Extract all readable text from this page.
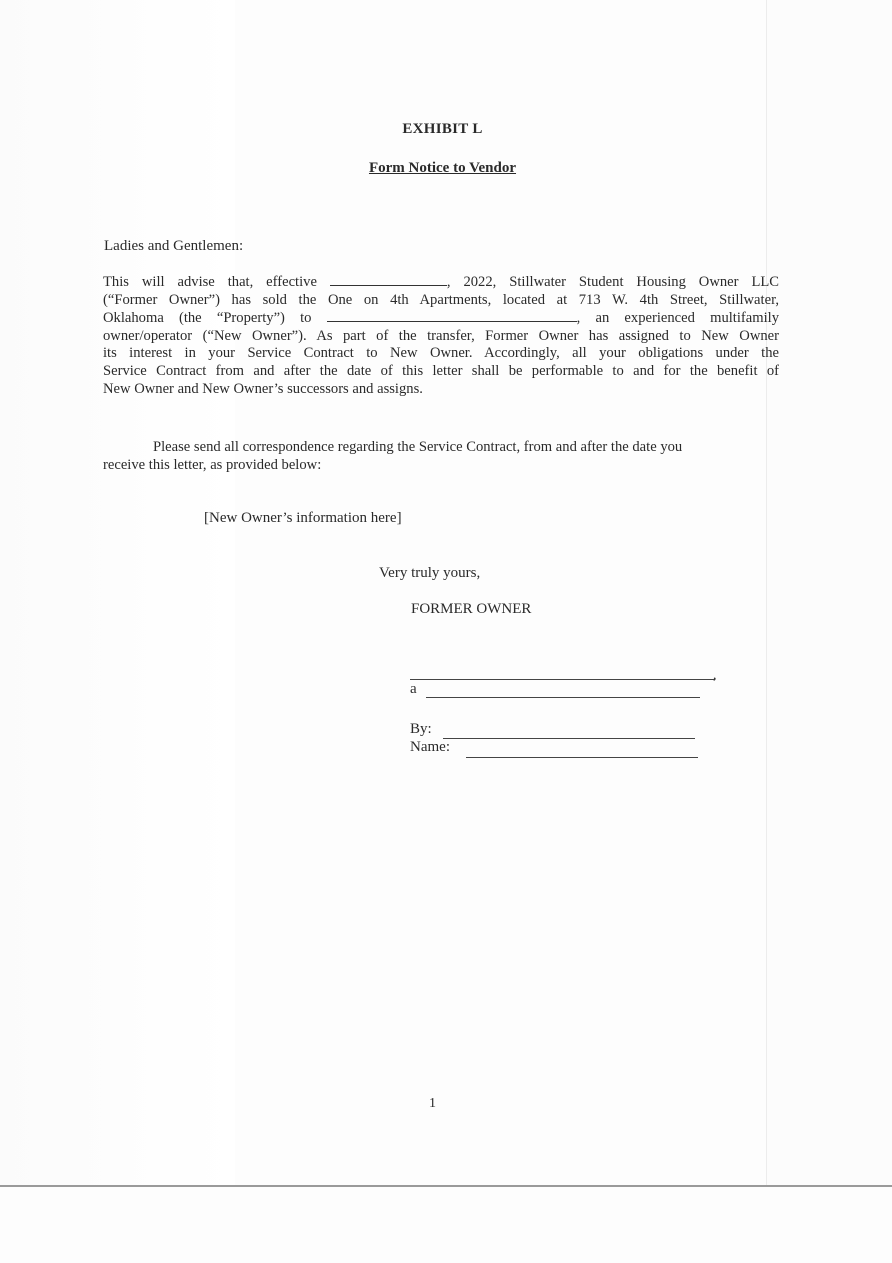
EXHIBIT L
Form Notice to Vendor
Ladies and Gentlemen:
This will advise that, effective	, 2022, Stillwater Student Housing Owner LLC
(“Former Owner”) has sold the One on 4th Apartments, located at 713 W. 4th Street, Stillwater,
Oklahoma (the “Property”) to	, an experienced multifamily
owner/operator (“New Owner”). As part of the transfer, Former Owner has assigned to New Owner
its interest in your Service Contract to New Owner. Accordingly, all your obligations under the
Service Contract from and after the date of this letter shall be performable to and for the benefit of
New Owner and New Owner’s successors and assigns.
Please send all correspondence regarding the Service Contract, from and after the date you
receive this letter, as provided below:
[New Owner’s information here]
Very truly yours,
FORMER OWNER
,
a
By:
Name:
1
